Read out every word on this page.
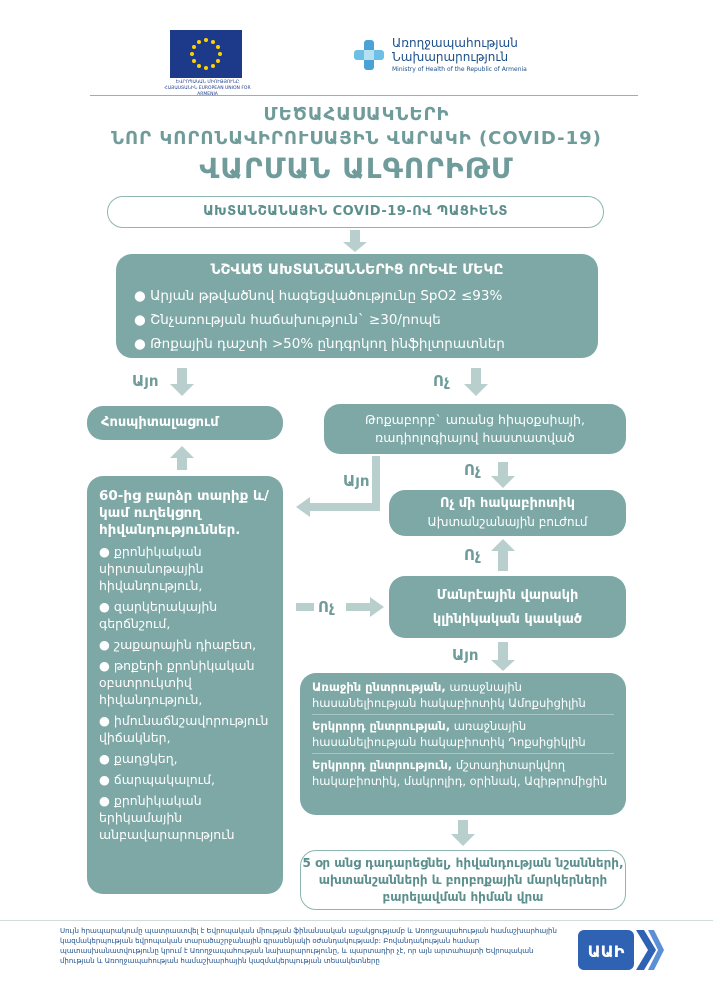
ԵՎՐՈՊԱԿԱՆ ՄԻՈՒԹՅՈՒՆԸ ՀԱՅԱՍՏԱՆԻՆ EUROPEAN UNION FOR
Առողջապահության
Նախարարություն
Ministry of Health of the Republic of Armenia
ՄԵԾԱՀԱՍԱԿՆԵՐԻ
ՆՈՐ ԿՈՐՈՆԱՎԻՐՈՒՍԱՅԻՆ ՎԱՐԱԿԻ (COVID-19)
ՎԱՐՄԱՆ ԱԼԳՈՐԻԹՄ
ԱԽՏԱՆՇԱՆԱՅԻՆ COVID-19-ՈՎ ՊԱՑԻԵՆՏ
ՆՇՎԱԾ ԱԽՏԱՆՇԱՆՆԵՐԻՑ ՈՐԵՎԷ ՄԵԿԸ
● Արյան թթվածնով հագեցվածությունը SpO2 ≤93%
● Շնչառության հաճախություն` ≥30/րոպե
● Թոքային դաշտի >50% ընդգրկող ինֆիլտրատներ
Այո	Ոչ
Ոչ
Այո
Ոչ
Ոչ
Այո
Հոսպիտալացում	Թոքաբորբ` առանց հիպօքսիայի, ռադիոլոգիայով հաստատված
60-ից բարձր տարիք և/կամ ուղեկցող հիվանդություններ.
● քրոնիկական սիրտանոթային հիվանդություն,
● զարկերակային գերճնշում,
● շաքարային դիաբետ,
● թոքերի քրոնիկական օբստրուկտիվ հիվանդություն,
● իմունաճնշավորություն վիճակներ,
● քաղցկեղ,
● ճարպակալում,
● քրոնիկական երիկամային անբավարարություն
Ոչ մի հակաբիոտիկ
Ախտանշանային բուժում
Մանրէային վարակի
կլինիկական կասկած
Առաջին ընտրության, առաջնային հասանելիության հակաբիոտիկ Ամոքսիցիլին
Երկրորդ ընտրության, առաջնային հասանելիության հակաբիոտիկ Դոքսիցիկլին
Երկրորդ ընտրություն, մշտադիտարկվող հակաբիոտիկ, մակրոլիդ, օրինակ, Ազիթրոմիցին
5 օր անց դադարեցնել, հիվանդության նշանների, ախտանշանների և բորբոքային մարկերների բարելավման հիման վրա
Սույն հրապարակումը պատրաստվել է Եվրոպական միության ֆինանսական աջակցությամբ և Առողջապահության համաշխարհային կազմակերպության եվրոպական տարածաշրջանային գրասենյակի օժանդակությամբ: Բովանդակության համար պատասխանատվությունը կրում է Առողջապահության նախարարությունը, և պարտադիր չէ, որ այն արտահայտի Եվրոպական միության և Առողջապահության համաշխարհային կազմակերպության տեսակետները	ԱԱԻ
